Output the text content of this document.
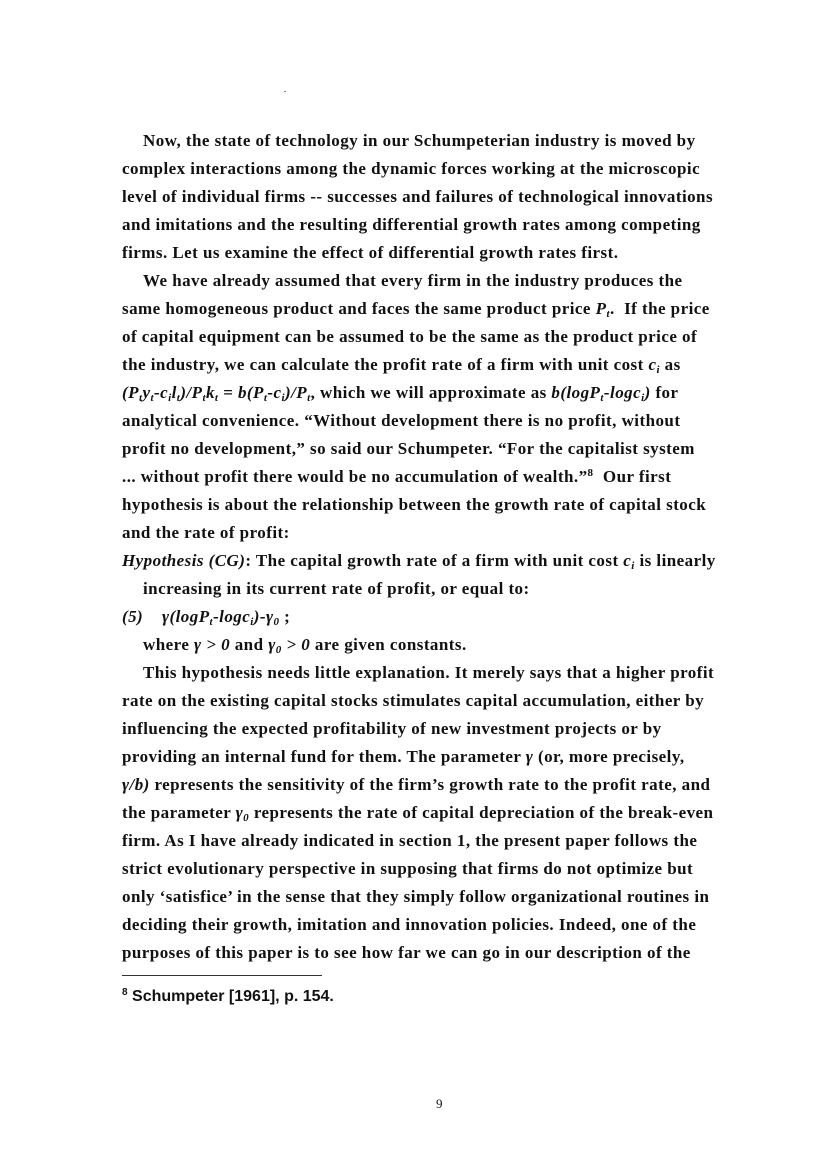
Now, the state of technology in our Schumpeterian industry is moved by
complex interactions among the dynamic forces working at the microscopic
level of individual firms -- successes and failures of technological innovations
and imitations and the resulting differential growth rates among competing
firms. Let us examine the effect of differential growth rates first.
We have already assumed that every firm in the industry produces the
same homogeneous product and faces the same product price $P_t$. If the price
of capital equipment can be assumed to be the same as the product price of
the industry, we can calculate the profit rate of a firm with unit cost $c_i$ as
$(P_ty_t-c_il_t)/P_tk_t = b(P_t-c_i)/P_t$, which we will approximate as b(logP$_t$-logc$_i$) for
analytical convenience. “Without development there is no profit, without
profit no development,” so said our Schumpeter. “For the capitalist system
... without profit there would be no accumulation of wealth.”$^8$ Our first
hypothesis is about the relationship between the growth rate of capital stock
and the rate of profit:
Hypothesis (CG): The capital growth rate of a firm with unit cost $c_i$ is linearly
increasing in its current rate of profit, or equal to:
(5) $\gamma(\log P_t-\log c_i)-\gamma_0$ ;
where γ > 0 and $\gamma_0 > 0$ are given constants.
This hypothesis needs little explanation. It merely says that a higher profit
rate on the existing capital stocks stimulates capital accumulation, either by
influencing the expected profitability of new investment projects or by
providing an internal fund for them. The parameter γ (or, more precisely,
γ/b) represents the sensitivity of the firm’s growth rate to the profit rate, and
the parameter $\gamma_0$ represents the rate of capital depreciation of the break-even
firm. As I have already indicated in section 1, the present paper follows the
strict evolutionary perspective in supposing that firms do not optimize but
only ‘satisfice’ in the sense that they simply follow organizational routines in
deciding their growth, imitation and innovation policies. Indeed, one of the
purposes of this paper is to see how far we can go in our description of the
$^8$ Schumpeter [1961], p. 154.
9
